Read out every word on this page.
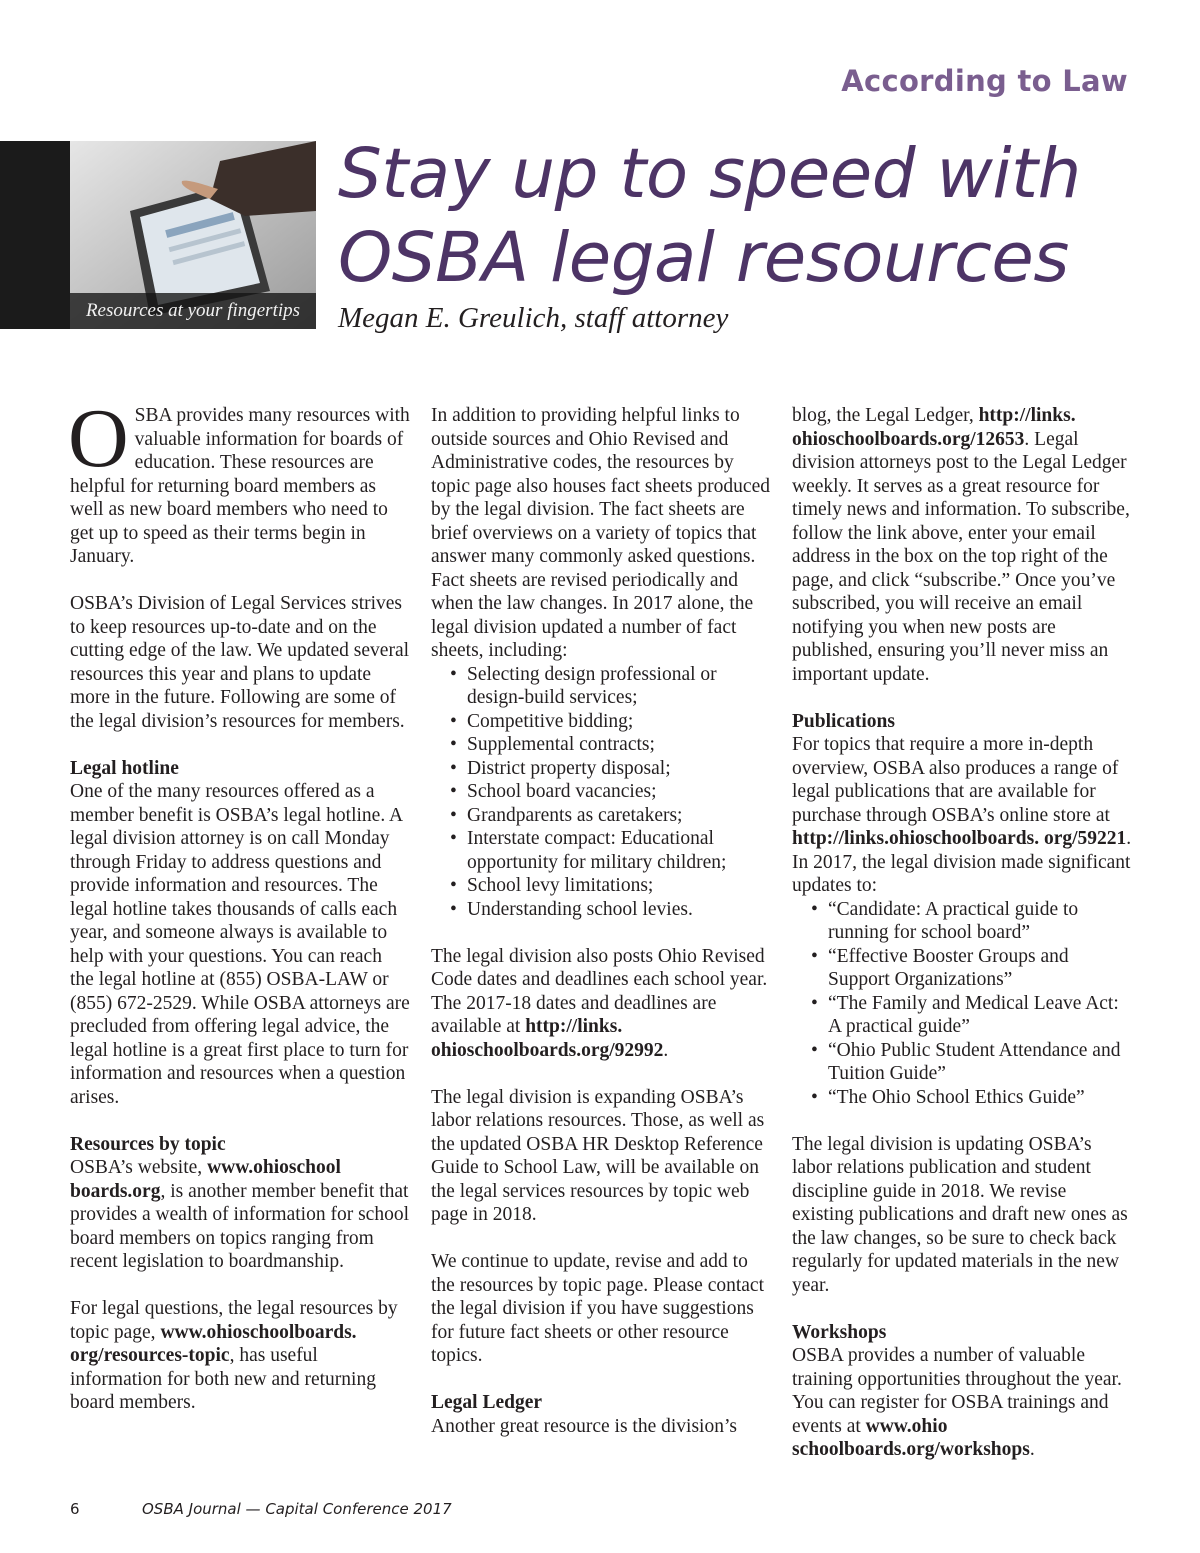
According to Law
Resources at your fingertips
Stay up to speed with
OSBA legal resources
Megan E. Greulich, staff attorney

OSBA provides many resources with valuable information for boards of education. These resources are helpful for returning board members as well as new board members who need to get up to speed as their terms begin in January.

OSBA’s Division of Legal Services strives to keep resources up-to-date and on the cutting edge of the law. We updated several resources this year and plans to update more in the future. Following are some of the legal division’s resources for members.

Legal hotline
One of the many resources offered as a member benefit is OSBA’s legal hotline. A legal division attorney is on call Monday through Friday to address questions and provide information and resources. The legal hotline takes thousands of calls each year, and someone always is available to help with your questions. You can reach the legal hotline at (855) OSBA-LAW or (855) 672-2529. While OSBA attorneys are precluded from offering legal advice, the legal hotline is a great first place to turn for information and resources when a question arises.

Resources by topic
OSBA’s website, www.ohioschool boards.org, is another member benefit that provides a wealth of information for school board members on topics ranging from recent legislation to boardmanship.

For legal questions, the legal resources by topic page, www.ohioschoolboards. org/resources-topic, has useful information for both new and returning board members.

In addition to providing helpful links to outside sources and Ohio Revised and Administrative codes, the resources by topic page also houses fact sheets produced by the legal division. The fact sheets are brief overviews on a variety of topics that answer many commonly asked questions. Fact sheets are revised periodically and when the law changes. In 2017 alone, the legal division updated a number of fact sheets, including:

• Selecting design professional or design-build services;
• Competitive bidding;
• Supplemental contracts;
• District property disposal;
• School board vacancies;
• Grandparents as caretakers;
• Interstate compact: Educational opportunity for military children;
• School levy limitations;
• Understanding school levies.

The legal division also posts Ohio Revised Code dates and deadlines each school year. The 2017-18 dates and deadlines are available at http://links. ohioschoolboards.org/92992.

The legal division is expanding OSBA’s labor relations resources. Those, as well as the updated OSBA HR Desktop Reference Guide to School Law, will be available on the legal services resources by topic web page in 2018.

We continue to update, revise and add to the resources by topic page. Please contact the legal division if you have suggestions for future fact sheets or other resource topics.

Legal Ledger
Another great resource is the division’s

blog, the Legal Ledger, http://links. ohioschoolboards.org/12653. Legal division attorneys post to the Legal Ledger weekly. It serves as a great resource for timely news and information. To subscribe, follow the link above, enter your email address in the box on the top right of the page, and click “subscribe.” Once you’ve subscribed, you will receive an email notifying you when new posts are published, ensuring you’ll never miss an important update.

Publications
For topics that require a more in-depth overview, OSBA also produces a range of legal publications that are available for purchase through OSBA’s online store at http://links.ohioschoolboards. org/59221. In 2017, the legal division made significant updates to:

• “Candidate: A practical guide to running for school board”
• “Effective Booster Groups and Support Organizations”
• “The Family and Medical Leave Act: A practical guide”
• “Ohio Public Student Attendance and Tuition Guide”
• “The Ohio School Ethics Guide”

The legal division is updating OSBA’s labor relations publication and student discipline guide in 2018. We revise existing publications and draft new ones as the law changes, so be sure to check back regularly for updated materials in the new year.

Workshops
OSBA provides a number of valuable training opportunities throughout the year. You can register for OSBA trainings and events at www.ohio schoolboards.org/workshops.

6	OSBA Journal — Capital Conference 2017
